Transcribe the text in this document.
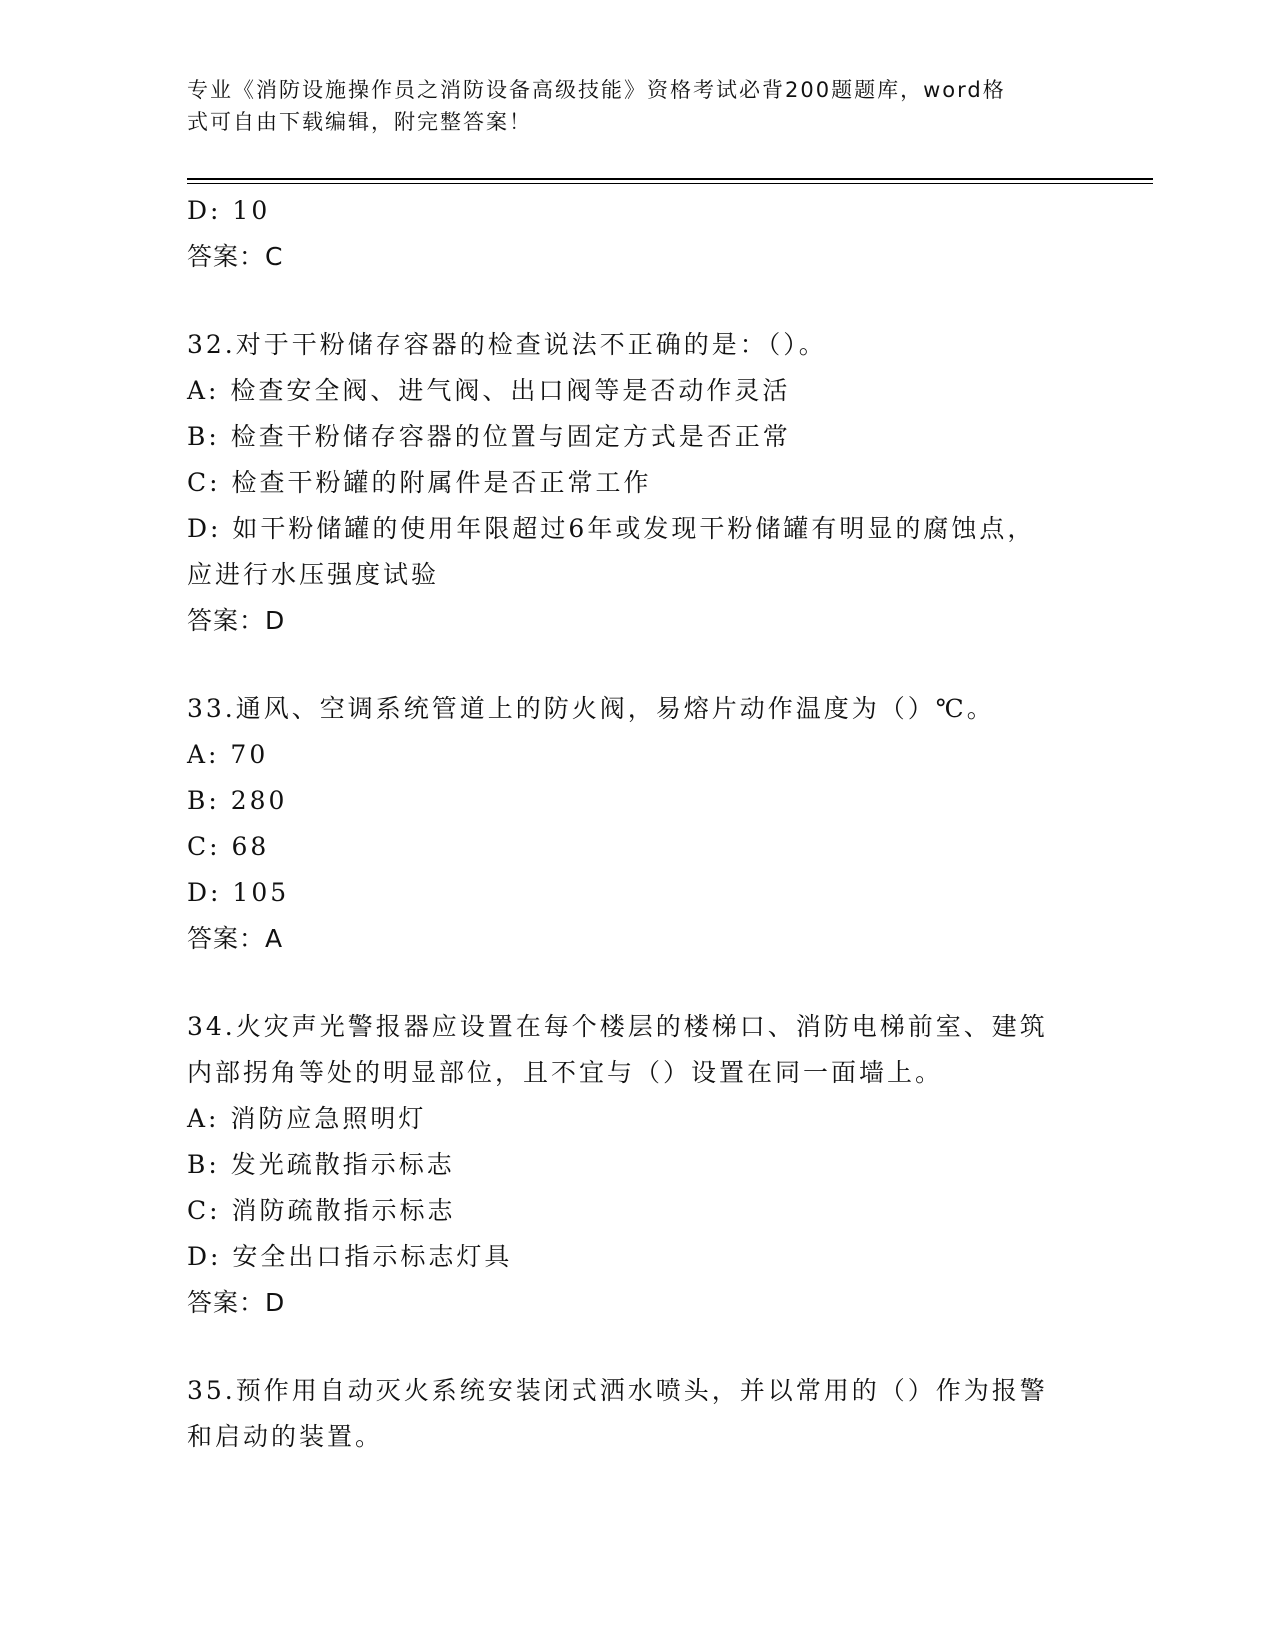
专业《消防设施操作员之消防设备高级技能》资格考试必背200题题库，word格
式可自由下载编辑，附完整答案！
D: 10
答案：C
32.对于干粉储存容器的检查说法不正确的是：（）。
A: 检查安全阀、进气阀、出口阀等是否动作灵活
B: 检查干粉储存容器的位置与固定方式是否正常
C: 检查干粉罐的附属件是否正常工作
D: 如干粉储罐的使用年限超过6年或发现干粉储罐有明显的腐蚀点，
应进行水压强度试验
答案：D
33.通风、空调系统管道上的防火阀，易熔片动作温度为（）℃。
A: 70
B: 280
C: 68
D: 105
答案：A
34.火灾声光警报器应设置在每个楼层的楼梯口、消防电梯前室、建筑
内部拐角等处的明显部位，且不宜与（）设置在同一面墙上。
A: 消防应急照明灯
B: 发光疏散指示标志
C: 消防疏散指示标志
D: 安全出口指示标志灯具
答案：D
35.预作用自动灭火系统安装闭式洒水喷头，并以常用的（）作为报警
和启动的装置。
